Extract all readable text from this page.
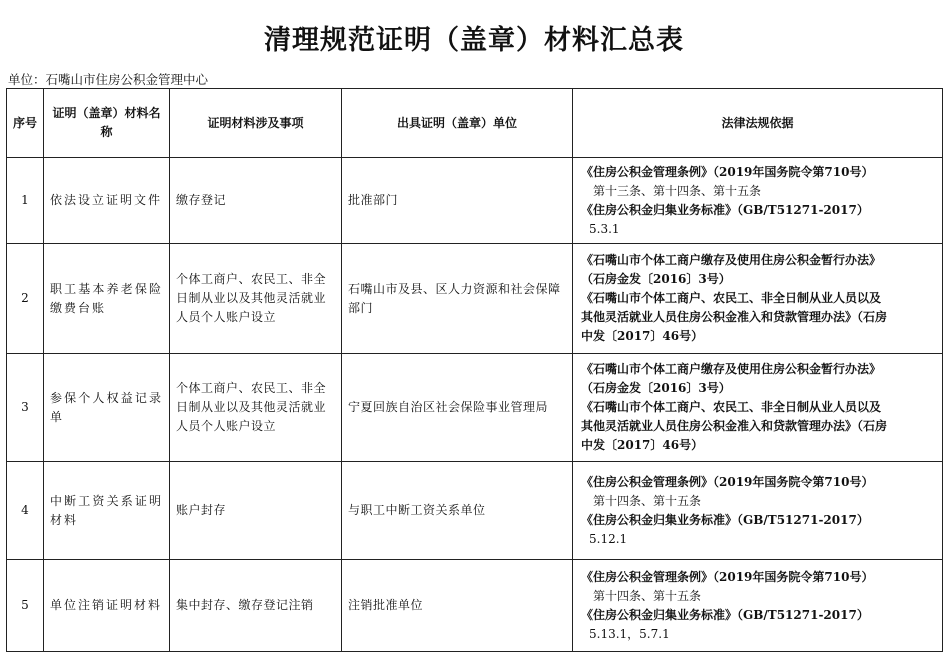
清理规范证明（盖章）材料汇总表
单位：石嘴山市住房公积金管理中心
序号	证明（盖章）材料名称	证明材料涉及事项	出具证明（盖章）单位	法律法规依据
1	依法设立证明文件	缴存登记	批准部门	《住房公积金管理条例》（2019年国务院令第710号）
第十三条、第十四条、第十五条
《住房公积金归集业务标准》（GB/T51271-2017）
5.3.1

2	职工基本养老保险缴费台账	个体工商户、农民工、非全日制从业以及其他灵活就业人员个人账户设立	石嘴山市及县、区人力资源和社会保障部门	《石嘴山市个体工商户缴存及使用住房公积金暂行办法》
（石房金发〔2016〕3号）
《石嘴山市个体工商户、农民工、非全日制从业人员以及
其他灵活就业人员住房公积金准入和贷款管理办法》（石房
中发〔2017〕46号）

3	参保个人权益记录单	个体工商户、农民工、非全日制从业以及其他灵活就业人员个人账户设立	宁夏回族自治区社会保险事业管理局	《石嘴山市个体工商户缴存及使用住房公积金暂行办法》
（石房金发〔2016〕3号）
《石嘴山市个体工商户、农民工、非全日制从业人员以及
其他灵活就业人员住房公积金准入和贷款管理办法》（石房
中发〔2017〕46号）

4	中断工资关系证明材料	账户封存	与职工中断工资关系单位	《住房公积金管理条例》（2019年国务院令第710号）
第十四条、第十五条
《住房公积金归集业务标准》（GB/T51271-2017）
5.12.1

5	单位注销证明材料	集中封存、缴存登记注销	注销批准单位	《住房公积金管理条例》（2019年国务院令第710号）
第十四条、第十五条
《住房公积金归集业务标准》（GB/T51271-2017）
5.13.1，5.7.1
